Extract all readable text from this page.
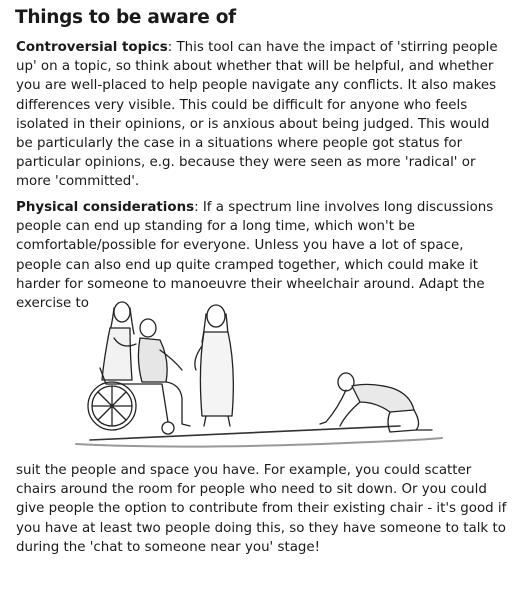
Things to be aware of
Controversial topics: This tool can have the impact of 'stirring people up' on a topic, so think about whether that will be helpful, and whether you are well-placed to help people navigate any conflicts. It also makes differences very visible. This could be difficult for anyone who feels isolated in their opinions, or is anxious about being judged. This would be particularly the case in a situations where people got status for particular opinions, e.g. because they were seen as more 'radical' or more 'committed'.
Physical considerations: If a spectrum line involves long discussions people can end up standing for a long time, which won't be comfortable/possible for everyone. Unless you have a lot of space, people can also end up quite cramped together, which could make it harder for someone to manoeuvre their wheelchair around. Adapt the exercise to
suit the people and space you have. For example, you could scatter chairs around the room for people who need to sit down. Or you could give people the option to contribute from their existing chair - it's good if you have at least two people doing this, so they have someone to talk to during the 'chat to someone near you' stage!
